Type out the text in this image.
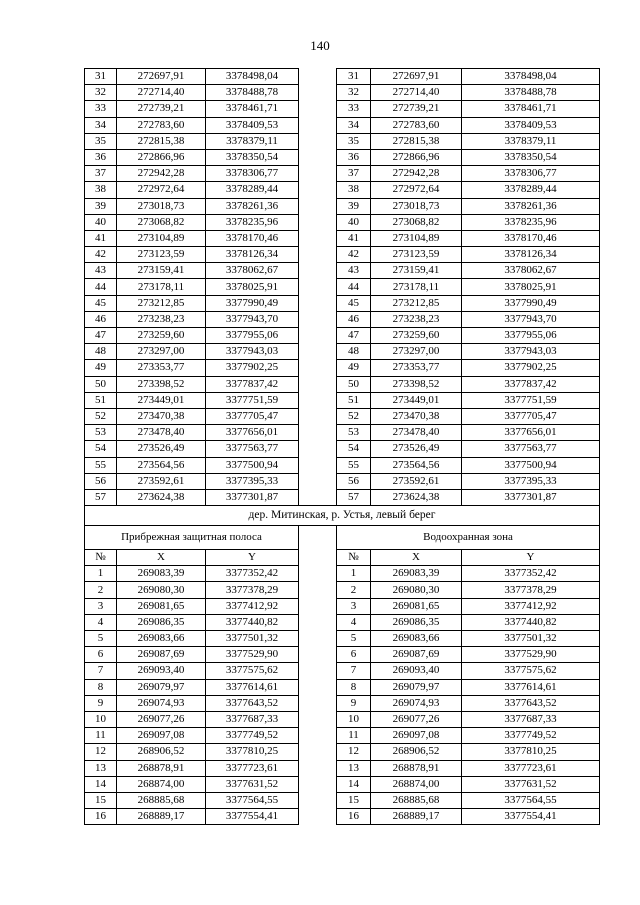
140
31	272697,91	3378498,04		31	272697,91	3378498,04
32	272714,40	3378488,78		32	272714,40	3378488,78
33	272739,21	3378461,71		33	272739,21	3378461,71
34	272783,60	3378409,53		34	272783,60	3378409,53
35	272815,38	3378379,11		35	272815,38	3378379,11
36	272866,96	3378350,54		36	272866,96	3378350,54
37	272942,28	3378306,77		37	272942,28	3378306,77
38	272972,64	3378289,44		38	272972,64	3378289,44
39	273018,73	3378261,36		39	273018,73	3378261,36
40	273068,82	3378235,96		40	273068,82	3378235,96
41	273104,89	3378170,46		41	273104,89	3378170,46
42	273123,59	3378126,34		42	273123,59	3378126,34
43	273159,41	3378062,67		43	273159,41	3378062,67
44	273178,11	3378025,91		44	273178,11	3378025,91
45	273212,85	3377990,49		45	273212,85	3377990,49
46	273238,23	3377943,70		46	273238,23	3377943,70
47	273259,60	3377955,06		47	273259,60	3377955,06
48	273297,00	3377943,03		48	273297,00	3377943,03
49	273353,77	3377902,25		49	273353,77	3377902,25
50	273398,52	3377837,42		50	273398,52	3377837,42
51	273449,01	3377751,59		51	273449,01	3377751,59
52	273470,38	3377705,47		52	273470,38	3377705,47
53	273478,40	3377656,01		53	273478,40	3377656,01
54	273526,49	3377563,77		54	273526,49	3377563,77
55	273564,56	3377500,94		55	273564,56	3377500,94
56	273592,61	3377395,33		56	273592,61	3377395,33
57	273624,38	3377301,87		57	273624,38	3377301,87
дер. Митинская, р. Устья, левый берег						
Прибрежная защитная полоса				Водоохранная зона		
№	X	Y		№	X	Y
1	269083,39	3377352,42		1	269083,39	3377352,42
2	269080,30	3377378,29		2	269080,30	3377378,29
3	269081,65	3377412,92		3	269081,65	3377412,92
4	269086,35	3377440,82		4	269086,35	3377440,82
5	269083,66	3377501,32		5	269083,66	3377501,32
6	269087,69	3377529,90		6	269087,69	3377529,90
7	269093,40	3377575,62		7	269093,40	3377575,62
8	269079,97	3377614,61		8	269079,97	3377614,61
9	269074,93	3377643,52		9	269074,93	3377643,52
10	269077,26	3377687,33		10	269077,26	3377687,33
11	269097,08	3377749,52		11	269097,08	3377749,52
12	268906,52	3377810,25		12	268906,52	3377810,25
13	268878,91	3377723,61		13	268878,91	3377723,61
14	268874,00	3377631,52		14	268874,00	3377631,52
15	268885,68	3377564,55		15	268885,68	3377564,55
16	268889,17	3377554,41		16	268889,17	3377554,41
